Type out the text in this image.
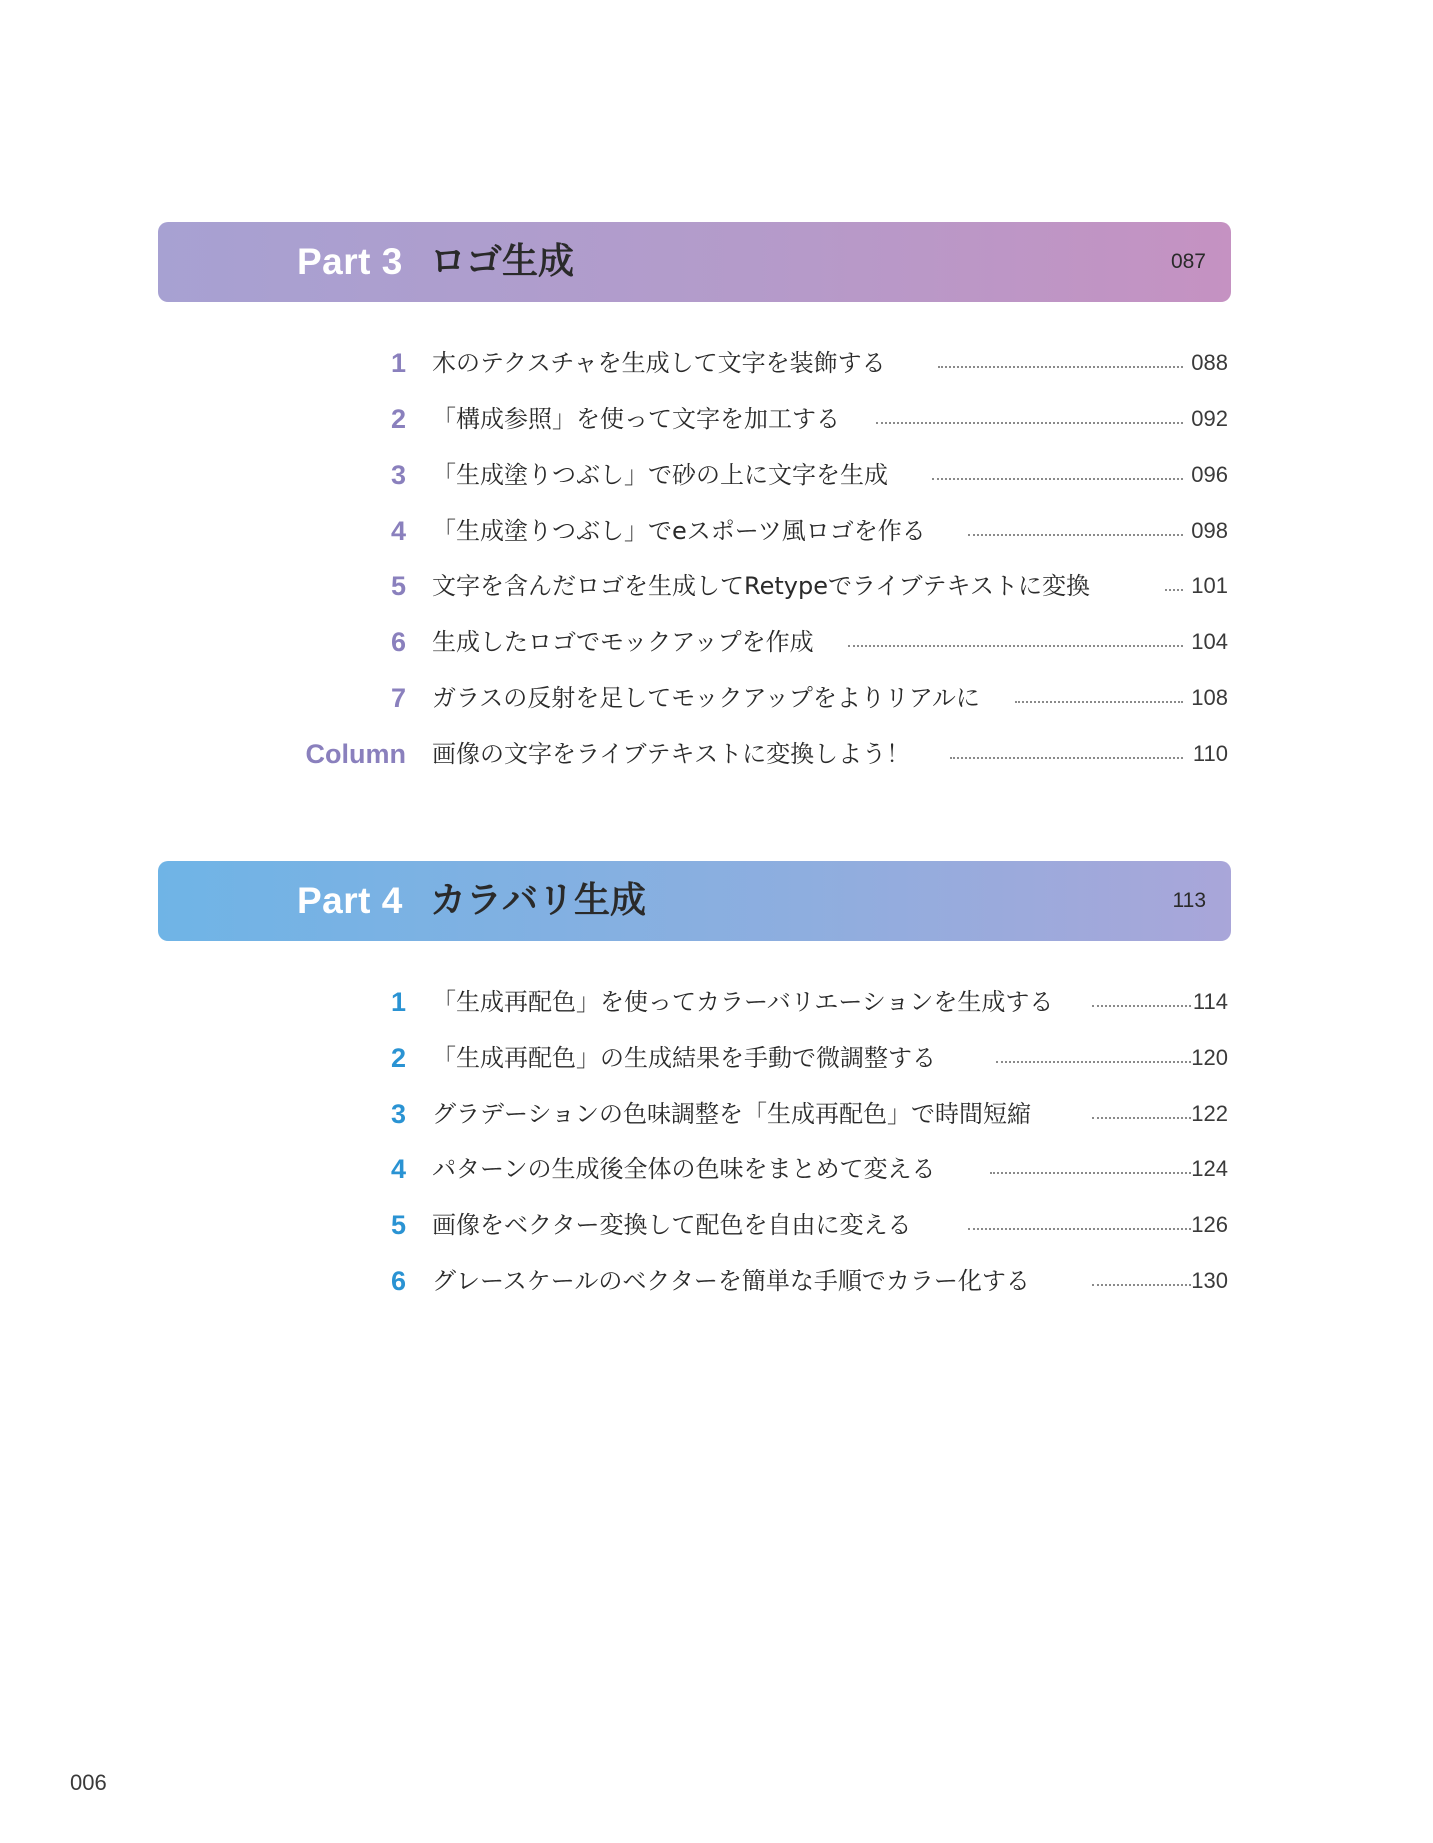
Part 3 ロゴ生成	087
1 木のテクスチャを生成して文字を装飾する	088
2 「構成参照」を使って文字を加工する	092
3 「生成塗りつぶし」で砂の上に文字を生成	096
4 「生成塗りつぶし」でeスポーツ風ロゴを作る	098
5 文字を含んだロゴを生成してRetypeでライブテキストに変換	101
6 生成したロゴでモックアップを作成	104
7 ガラスの反射を足してモックアップをよりリアルに	108
Column 画像の文字をライブテキストに変換しよう！	110
Part 4 カラバリ生成	113
1 「生成再配色」を使ってカラーバリエーションを生成する	114
2 「生成再配色」の生成結果を手動で微調整する	120
3 グラデーションの色味調整を「生成再配色」で時間短縮	122
4 パターンの生成後全体の色味をまとめて変える	124
5 画像をベクター変換して配色を自由に変える	126
6 グレースケールのベクターを簡単な手順でカラー化する	130
006
